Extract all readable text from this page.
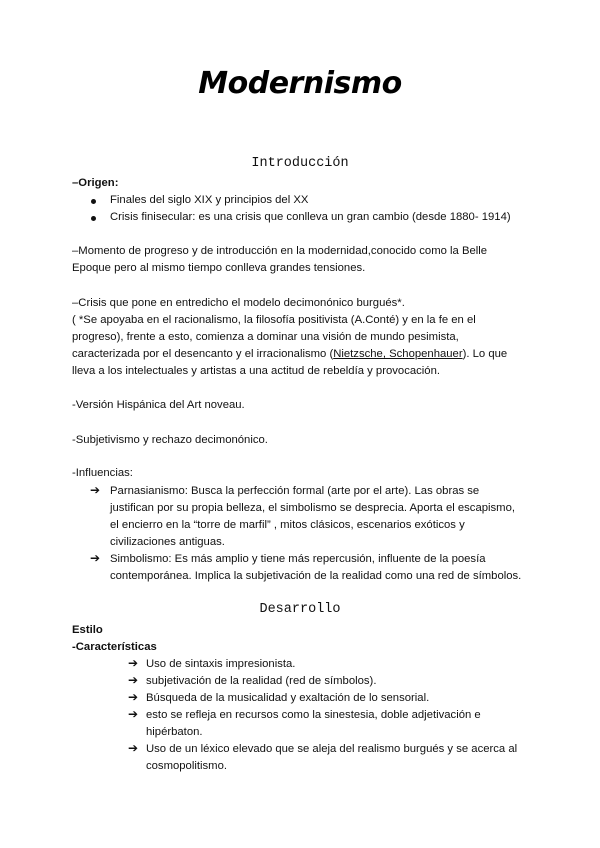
Modernismo
Introducción
–Origen:
Finales del siglo XIX y principios del XX
Crisis finisecular: es una crisis que conlleva un gran cambio (desde 1880- 1914)
–Momento de progreso y de introducción en la modernidad,conocido como la Belle
Epoque pero al mismo tiempo conlleva grandes tensiones.
–Crisis que pone en entredicho el modelo decimonónico burgués*.
( *Se apoyaba en el racionalismo, la filosofía positivista (A.Conté) y en la fe en el
progreso), frente a esto, comienza a dominar una visión de mundo pesimista,
caracterizada por el desencanto y el irracionalismo (Nietzsche, Schopenhauer). Lo que
lleva a los intelectuales y artistas a una actitud de rebeldía y provocación.
-Versión Hispánica del Art noveau.
-Subjetivismo y rechazo decimonónico.
-Influencias:
➔ Parnasianismo: Busca la perfección formal (arte por el arte). Las obras se
justifican por su propia belleza, el simbolismo se desprecia. Aporta el escapismo,
el encierro en la “torre de marfil” , mitos clásicos, escenarios exóticos y
civilizaciones antiguas.
➔ Simbolismo: Es más amplio y tiene más repercusión, influente de la poesía
contemporánea. Implica la subjetivación de la realidad como una red de símbolos.
Desarrollo
Estilo
-Características
➔ Uso de sintaxis impresionista.
➔ subjetivación de la realidad (red de símbolos).
➔ Búsqueda de la musicalidad y exaltación de lo sensorial.
➔ esto se refleja en recursos como la sinestesia, doble adjetivación e
hipérbaton.
➔ Uso de un léxico elevado que se aleja del realismo burgués y se acerca al
cosmopolitismo.
